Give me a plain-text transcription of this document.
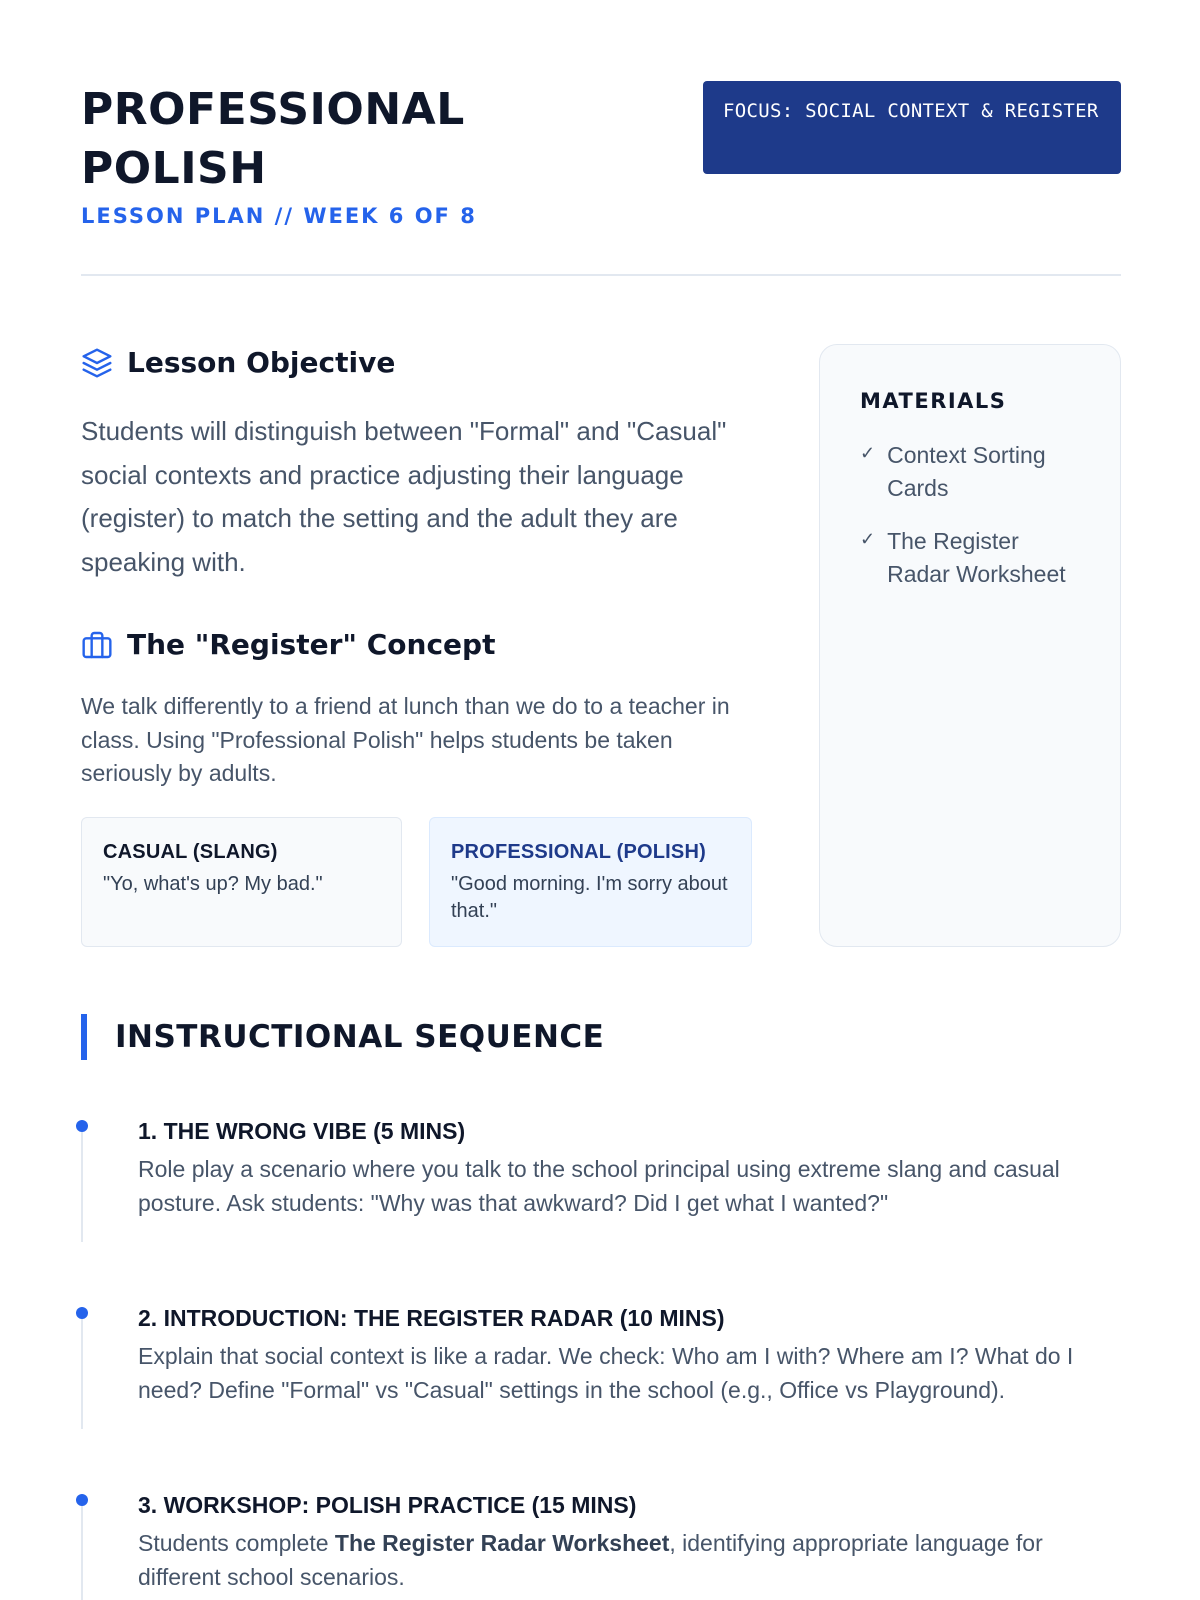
PROFESSIONAL POLISH
LESSON PLAN // WEEK 6 OF 8
FOCUS: SOCIAL CONTEXT & REGISTER
Lesson Objective

Students will distinguish between "Formal" and "Casual" social contexts and practice adjusting their language (register) to match the setting and the adult they are speaking with.

The "Register" Concept

We talk differently to a friend at lunch than we do to a teacher in class. Using "Professional Polish" helps students be taken seriously by adults.

CASUAL (SLANG)
"Yo, what's up? My bad."
PROFESSIONAL (POLISH)
"Good morning. I'm sorry about that."
MATERIALS
✓ Context Sorting Cards
✓ The Register Radar Worksheet
INSTRUCTIONAL SEQUENCE
1. THE WRONG VIBE (5 MINS)

Role play a scenario where you talk to the school principal using extreme slang and casual posture. Ask students: "Why was that awkward? Did I get what I wanted?"

2. INTRODUCTION: THE REGISTER RADAR (10 MINS)

Explain that social context is like a radar. We check: Who am I with? Where am I? What do I need? Define "Formal" vs "Casual" settings in the school (e.g., Office vs Playground).

3. WORKSHOP: POLISH PRACTICE (15 MINS)

Students complete The Register Radar Worksheet, identifying appropriate language for different school scenarios.
